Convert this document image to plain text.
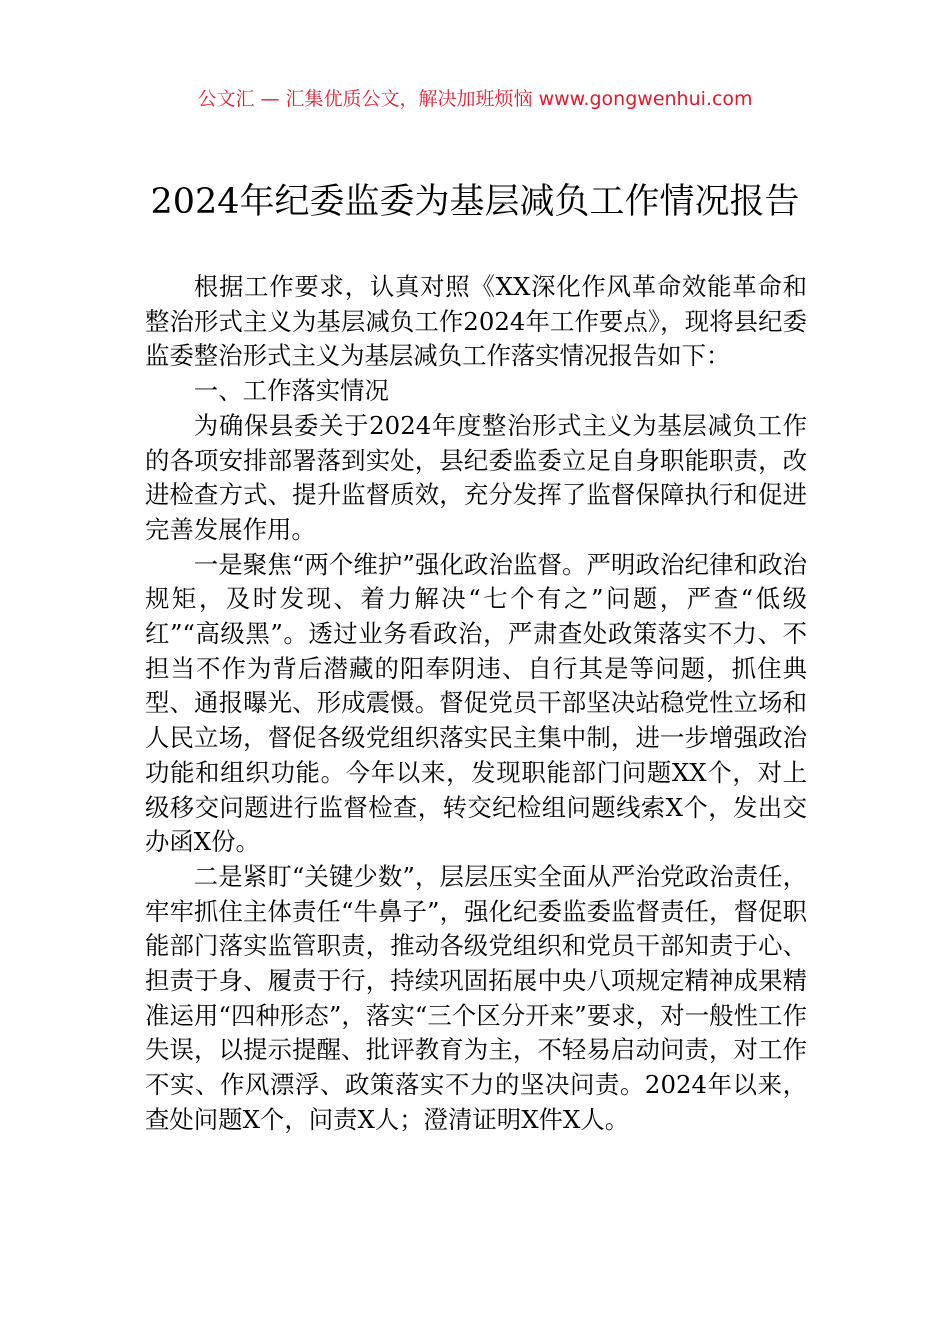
公文汇 — 汇集优质公文，解决加班烦恼 www.gongwenhui.com
2024年纪委监委为基层减负工作情况报告

根据工作要求，认真对照《XX深化作风革命效能革命和整治形式主义为基层减负工作2024年工作要点》，现将县纪委监委整治形式主义为基层减负工作落实情况报告如下：

一、工作落实情况

为确保县委关于2024年度整治形式主义为基层减负工作的各项安排部署落到实处，县纪委监委立足自身职能职责，改进检查方式、提升监督质效，充分发挥了监督保障执行和促进完善发展作用。

一是聚焦“两个维护”强化政治监督。严明政治纪律和政治规矩，及时发现、着力解决“七个有之”问题，严查“低级红”“高级黑”。透过业务看政治，严肃查处政策落实不力、不担当不作为背后潜藏的阳奉阴违、自行其是等问题，抓住典型、通报曝光、形成震慑。督促党员干部坚决站稳党性立场和人民立场，督促各级党组织落实民主集中制，进一步增强政治功能和组织功能。今年以来，发现职能部门问题XX个，对上级移交问题进行监督检查，转交纪检组问题线索X个，发出交办函X份。

二是紧盯“关键少数”，层层压实全面从严治党政治责任，牢牢抓住主体责任“牛鼻子”，强化纪委监委监督责任，督促职能部门落实监管职责，推动各级党组织和党员干部知责于心、担责于身、履责于行，持续巩固拓展中央八项规定精神成果精准运用“四种形态”，落实“三个区分开来”要求，对一般性工作失误，以提示提醒、批评教育为主，不轻易启动问责，对工作不实、作风漂浮、政策落实不力的坚决问责。2024年以来，查处问题X个，问责X人；澄清证明X件X人。
